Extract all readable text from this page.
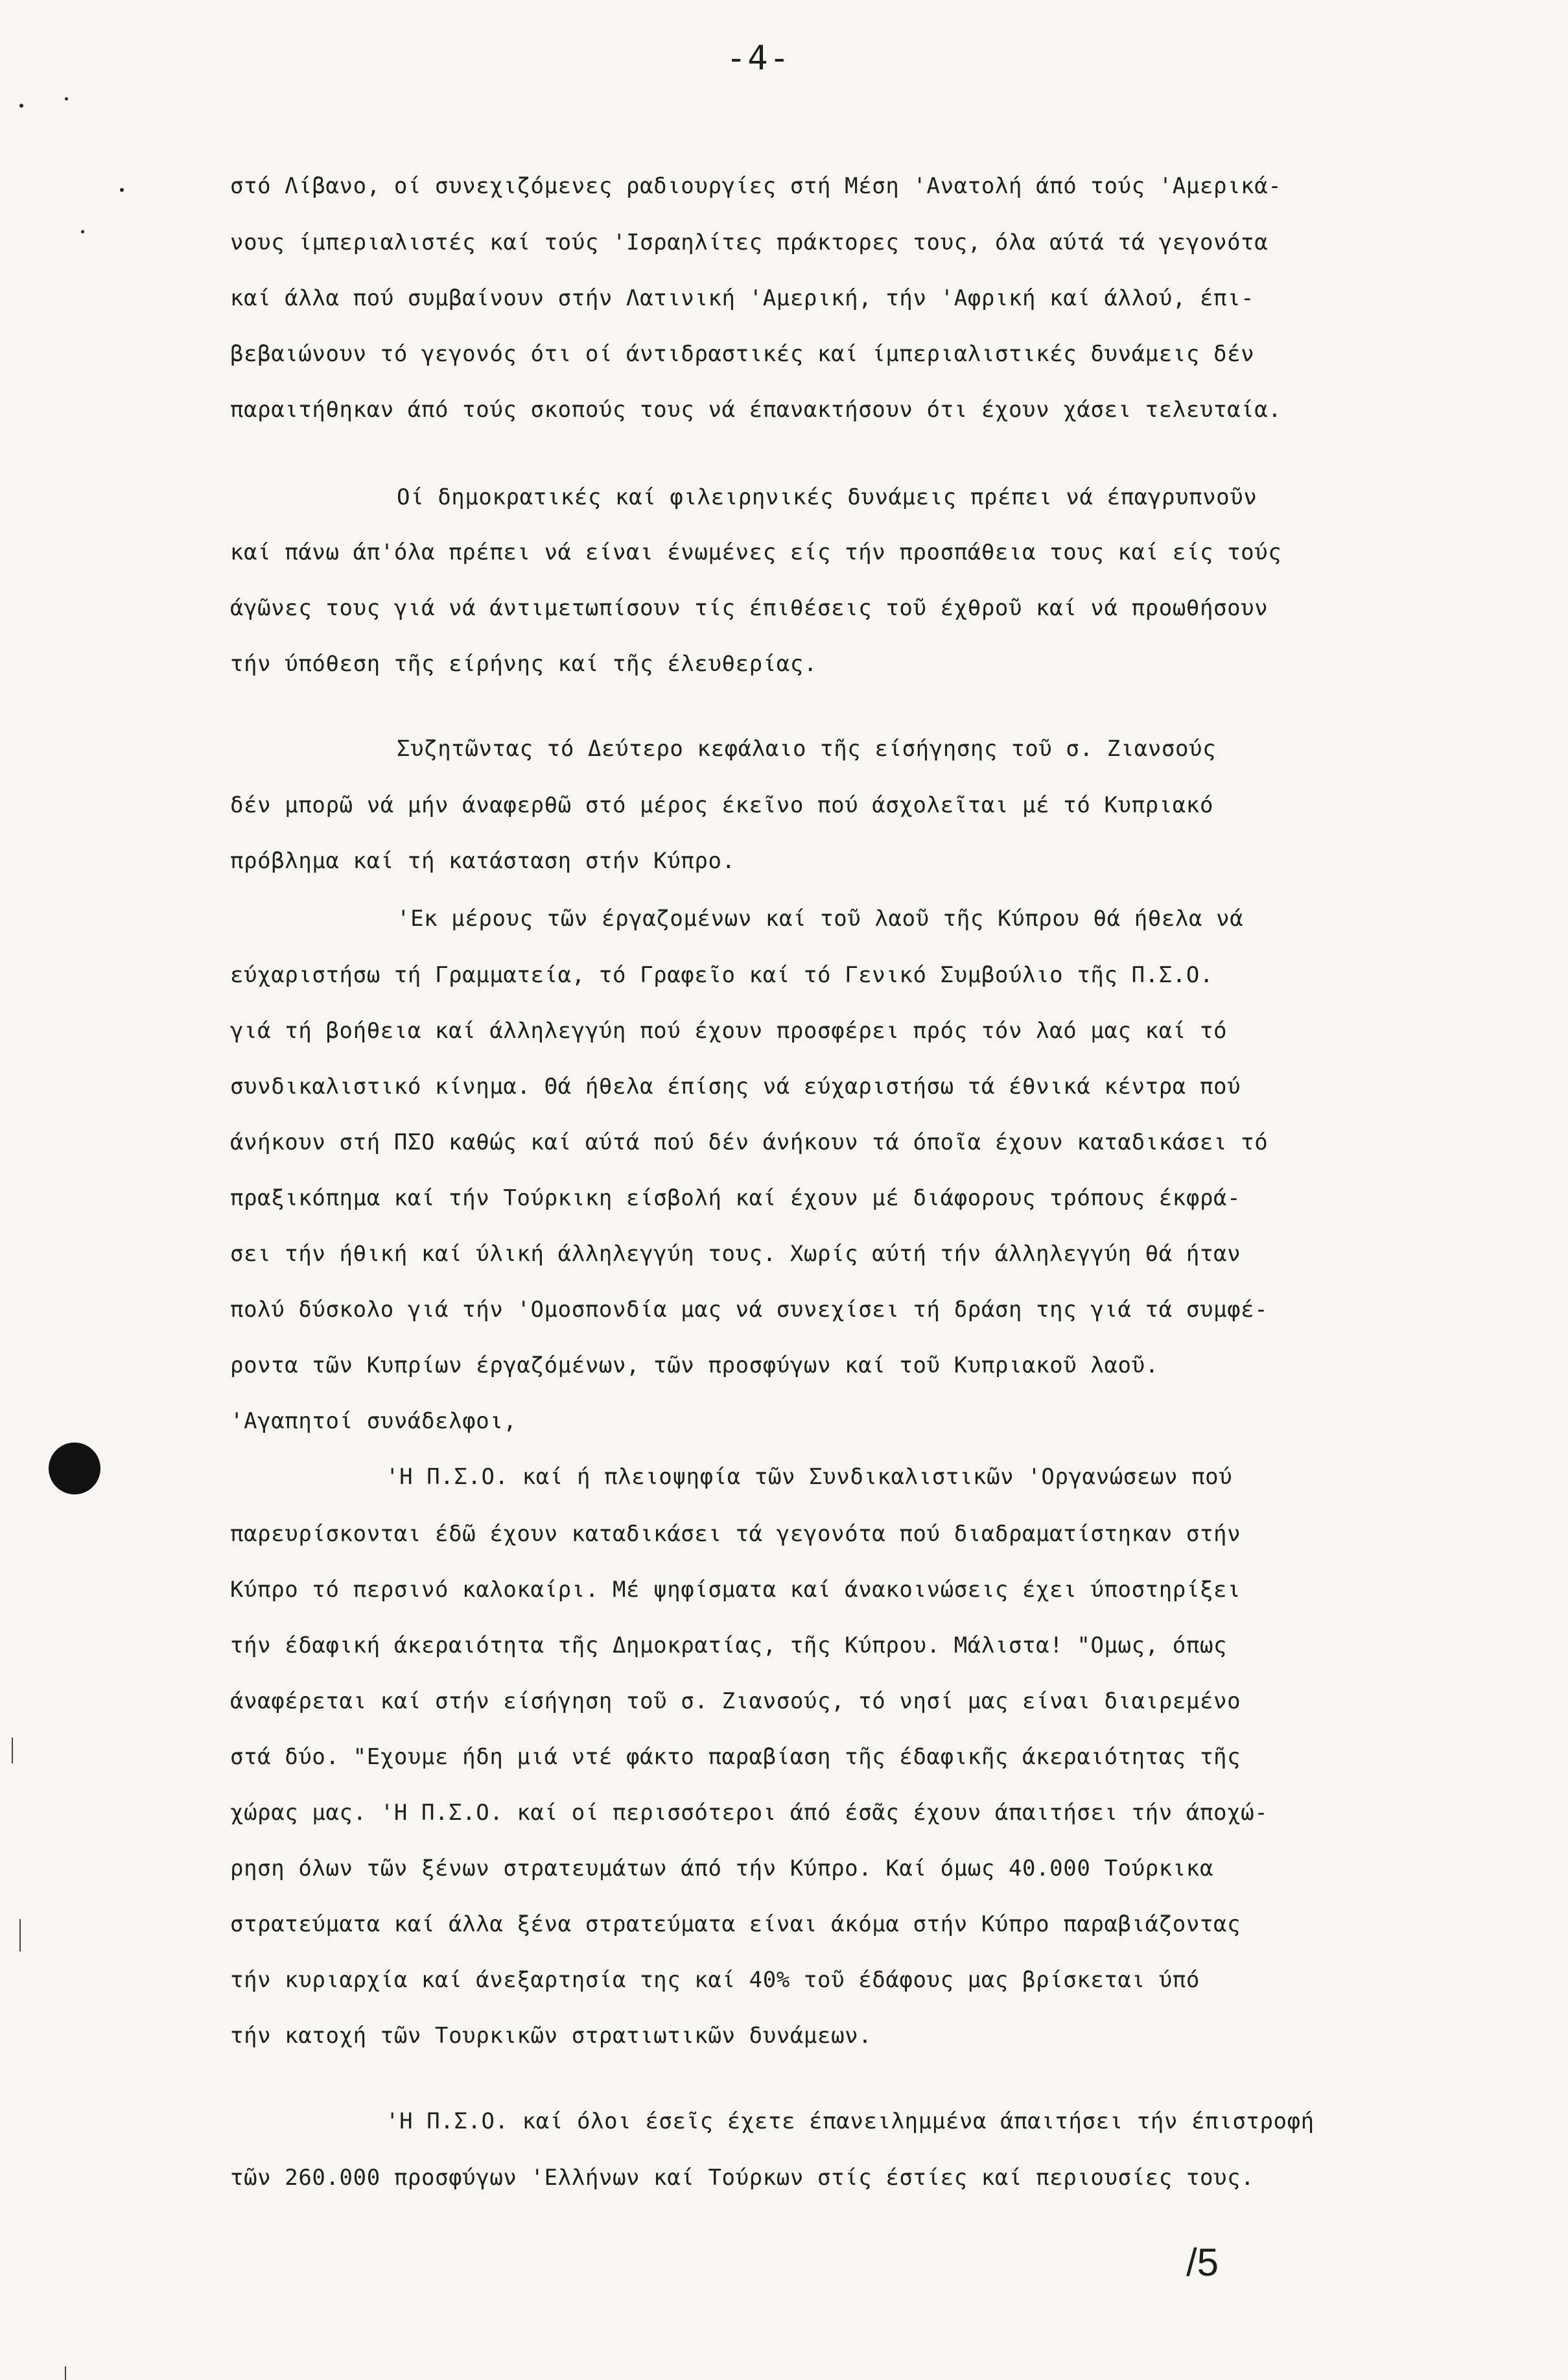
-4-
στό Λίβανο, οί συνεχιζόμενες ραδιουργίες στή Μέση 'Ανατολή άπό τούς 'Αμερικά-
νους ίμπεριαλιστές καί τούς 'Ισραηλίτες πράκτορες τους, όλα αύτά τά γεγονότα
καί άλλα πού συμβαίνουν στήν Λατινική 'Αμερική, τήν 'Αφρική καί άλλού, έπι-
βεβαιώνουν τό γεγονός ότι οί άντιδραστικές καί ίμπεριαλιστικές δυνάμεις δέν
παραιτήθηκαν άπό τούς σκοπούς τους νά έπανακτήσουν ότι έχουν χάσει τελευταία.
Οί δημοκρατικές καί φιλειρηνικές δυνάμεις πρέπει νά έπαγρυπνοῦν
καί πάνω άπ'όλα πρέπει νά είναι ένωμένες είς τήν προσπάθεια τους καί είς τούς
άγῶνες τους γιά νά άντιμετωπίσουν τίς έπιθέσεις τοῦ έχθροῦ καί νά προωθήσουν
τήν ύπόθεση τῆς είρήνης καί τῆς έλευθερίας.
Συζητῶντας τό Δεύτερο κεφάλαιο τῆς είσήγησης τοῦ σ. Ζιανσούς
δέν μπορῶ νά μήν άναφερθῶ στό μέρος έκεῖνο πού άσχολεῖται μέ τό Κυπριακό
πρόβλημα καί τή κατάσταση στήν Κύπρο.
'Εκ μέρους τῶν έργαζομένων καί τοῦ λαοῦ τῆς Κύπρου θά ήθελα νά
εύχαριστήσω τή Γραμματεία, τό Γραφεῖο καί τό Γενικό Συμβούλιο τῆς Π.Σ.Ο.
γιά τή βοήθεια καί άλληλεγγύη πού έχουν προσφέρει πρός τόν λαό μας καί τό
συνδικαλιστικό κίνημα. Θά ήθελα έπίσης νά εύχαριστήσω τά έθνικά κέντρα πού
άνήκουν στή ΠΣΟ καθώς καί αύτά πού δέν άνήκουν τά όποῖα έχουν καταδικάσει τό
πραξικόπημα καί τήν Τούρκικη είσβολή καί έχουν μέ διάφορους τρόπους έκφρά-
σει τήν ήθική καί ύλική άλληλεγγύη τους. Χωρίς αύτή τήν άλληλεγγύη θά ήταν
πολύ δύσκολο γιά τήν 'Ομοσπονδία μας νά συνεχίσει τή δράση της γιά τά συμφέ-
ροντα τῶν Κυπρίων έργαζόμένων, τῶν προσφύγων καί τοῦ Κυπριακοῦ λαοῦ.
'Αγαπητοί συνάδελφοι,
'Η Π.Σ.Ο. καί ή πλειοψηφία τῶν Συνδικαλιστικῶν 'Οργανώσεων πού
παρευρίσκονται έδῶ έχουν καταδικάσει τά γεγονότα πού διαδραματίστηκαν στήν
Κύπρο τό περσινό καλοκαίρι. Μέ ψηφίσματα καί άνακοινώσεις έχει ύποστηρίξει
τήν έδαφική άκεραιότητα τῆς Δημοκρατίας, τῆς Κύπρου. Μάλιστα! "Ομως, όπως
άναφέρεται καί στήν είσήγηση τοῦ σ. Ζιανσούς, τό νησί μας είναι διαιρεμένο
στά δύο. "Εχουμε ήδη μιά ντέ φάκτο παραβίαση τῆς έδαφικῆς άκεραιότητας τῆς
χώρας μας. 'Η Π.Σ.Ο. καί οί περισσότεροι άπό έσᾶς έχουν άπαιτήσει τήν άποχώ-
ρηση όλων τῶν ξένων στρατευμάτων άπό τήν Κύπρο. Καί όμως 40.000 Τούρκικα
στρατεύματα καί άλλα ξένα στρατεύματα είναι άκόμα στήν Κύπρο παραβιάζοντας
τήν κυριαρχία καί άνεξαρτησία της καί 40% τοῦ έδάφους μας βρίσκεται ύπό
τήν κατοχή τῶν Τουρκικῶν στρατιωτικῶν δυνάμεων.
'Η Π.Σ.Ο. καί όλοι έσεῖς έχετε έπανειλημμένα άπαιτήσει τήν έπιστροφή
τῶν 260.000 προσφύγων 'Ελλήνων καί Τούρκων στίς έστίες καί περιουσίες τους.
/5
